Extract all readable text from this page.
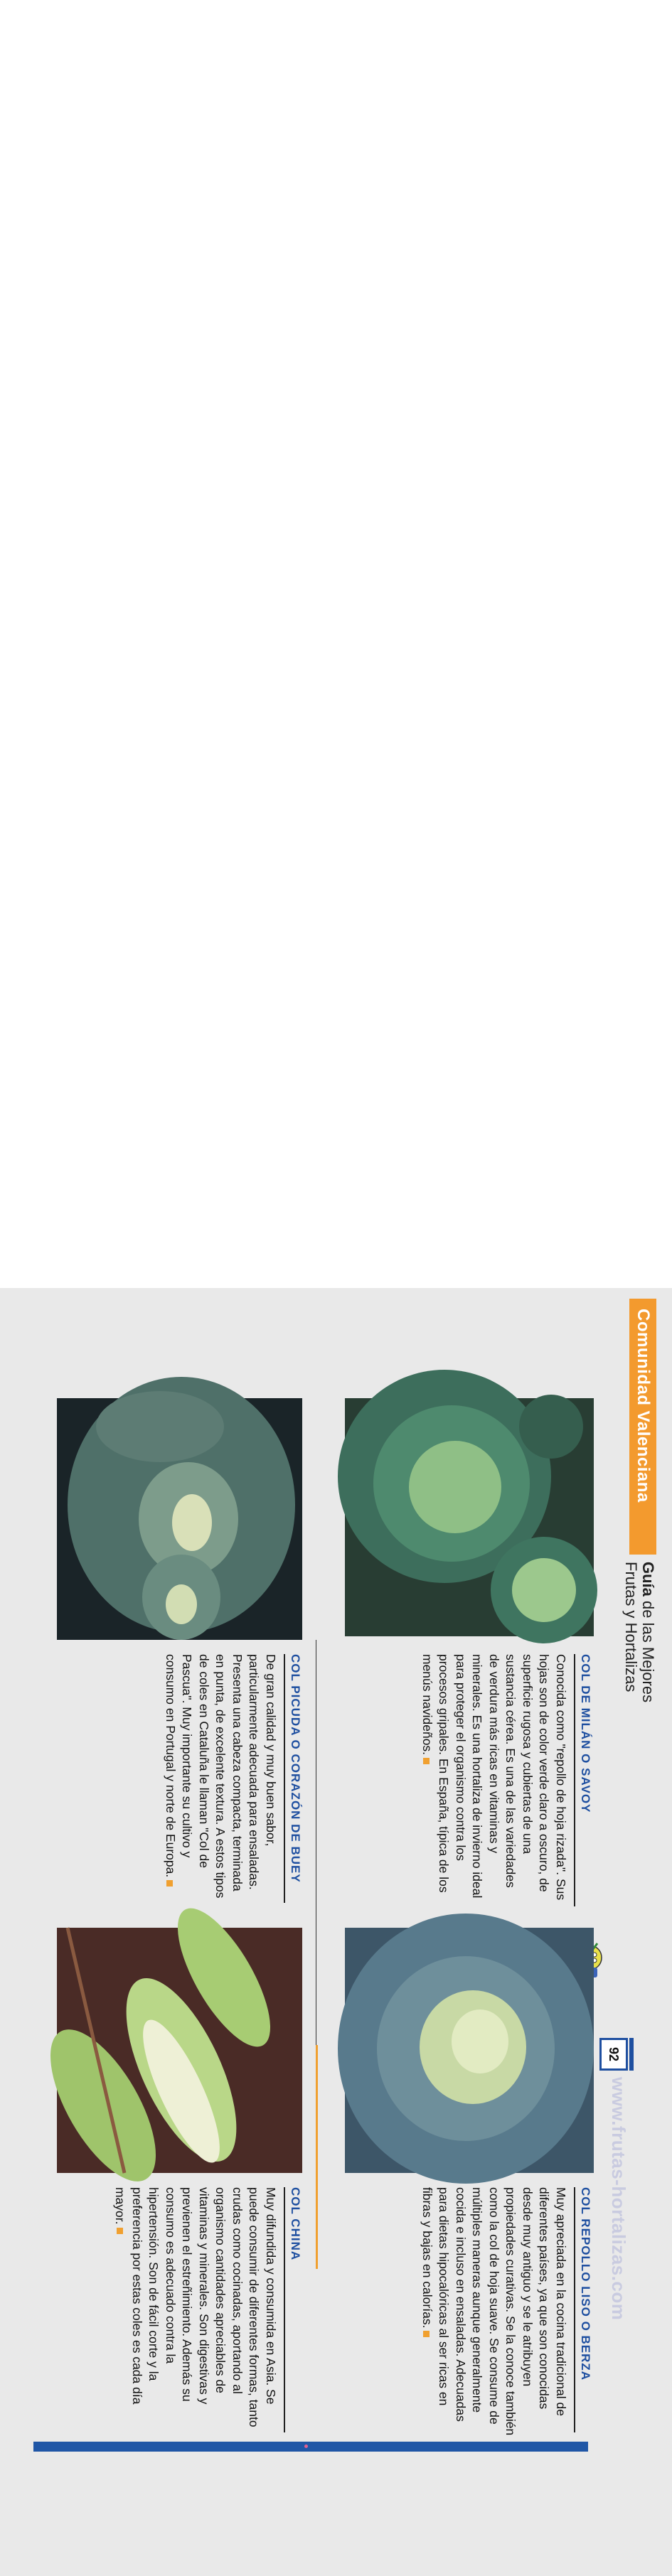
Comunidad Valenciana
Guía de las Mejores
Frutas y Hortalizas
92
www.frutas-hortalizas.com
COL DE MILÁN O SAVOY
Conocida como "repollo de hoja rizada". Sus hojas son de color verde claro a oscuro, de superficie rugosa y cubiertas de una sustancia cérea. Es una de las variedades de verdura más ricas en vitaminas y minerales. Es una hortaliza de invierno ideal para proteger el organismo contra los procesos gripales. En España, típica de los menús navideños.
COL REPOLLO LISO O BERZA
Muy apreciada en la cocina tradicional de diferentes países, ya que son conocidas desde muy antiguo y se le atribuyen propiedades curativas. Se la conoce también como la col de hoja suave. Se consume de múltiples maneras aunque generalmente cocida e incluso en ensaladas. Adecuadas para dietas hipocalóricas al ser ricas en fibras y bajas en calorías.
COL PICUDA O CORAZÓN DE BUEY
De gran calidad y muy buen sabor, particularmente adecuada para ensaladas. Presenta una cabeza compacta, terminada en punta, de excelente textura. A estos tipos de coles en Cataluña le llaman "Col de Pascua". Muy importante su cultivo y consumo en Portugal y norte de Europa.
COL CHINA
Muy difundida y consumida en Asia. Se puede consumir de diferentes formas, tanto crudas como cocinadas, aportando al organismo cantidades apreciables de vitaminas y minerales. Son digestivas y previenen el estreñimiento. Además su consumo es adecuado contra la hipertensión. Son de fácil corte y la preferencia por estas coles es cada día mayor.
